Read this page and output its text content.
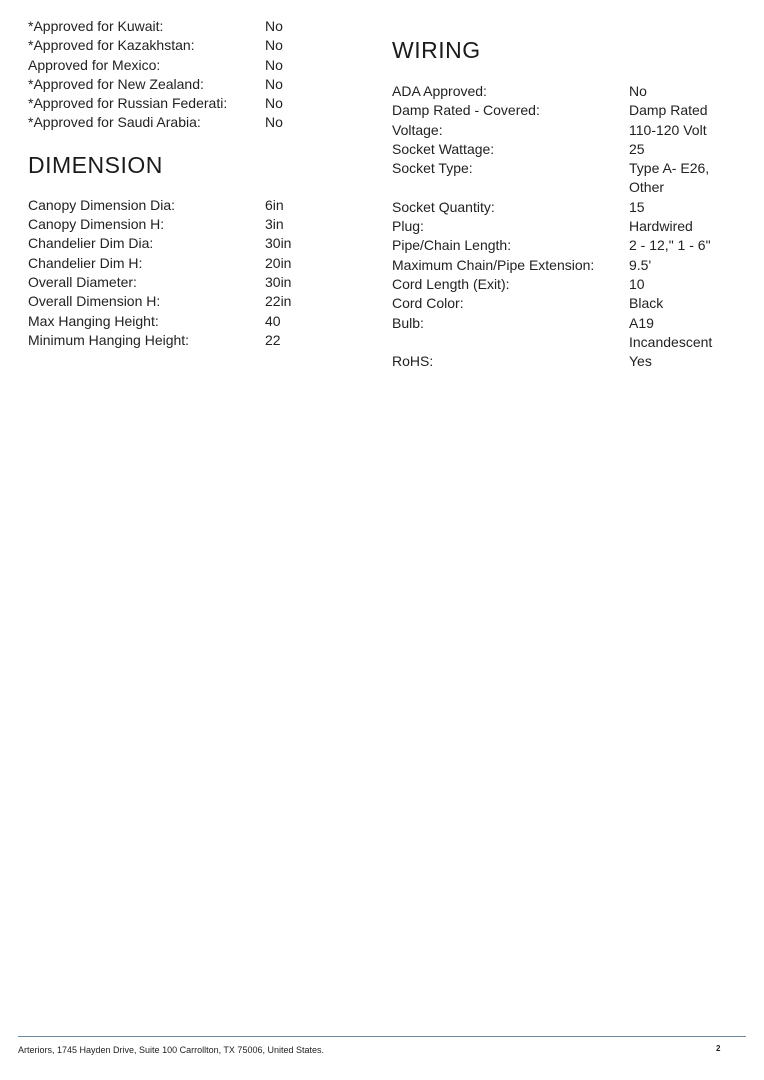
*Approved for Kuwait:	No
*Approved for Kazakhstan:	No
Approved for Mexico:	No
*Approved for New Zealand:	No
*Approved for Russian Federati:	No
*Approved for Saudi Arabia:	No
DIMENSION
Canopy Dimension Dia:	6in
Canopy Dimension H:	3in
Chandelier Dim Dia:	30in
Chandelier Dim H:	20in
Overall Diameter:	30in
Overall Dimension H:	22in
Max Hanging Height:	40
Minimum Hanging Height:	22
WIRING
ADA Approved:	No
Damp Rated - Covered:	Damp Rated
Voltage:	110-120 Volt
Socket Wattage:	25
Socket Type:	Type A- E26, Other
Socket Quantity:	15
Plug:	Hardwired
Pipe/Chain Length:	2 - 12," 1 - 6"
Maximum Chain/Pipe Extension: 9.5'
Cord Length (Exit):	10
Cord Color:	Black
Bulb:	A19 Incandescent
RoHS:	Yes
Arteriors, 1745 Hayden Drive, Suite 100 Carrollton, TX 75006, United States.	2
